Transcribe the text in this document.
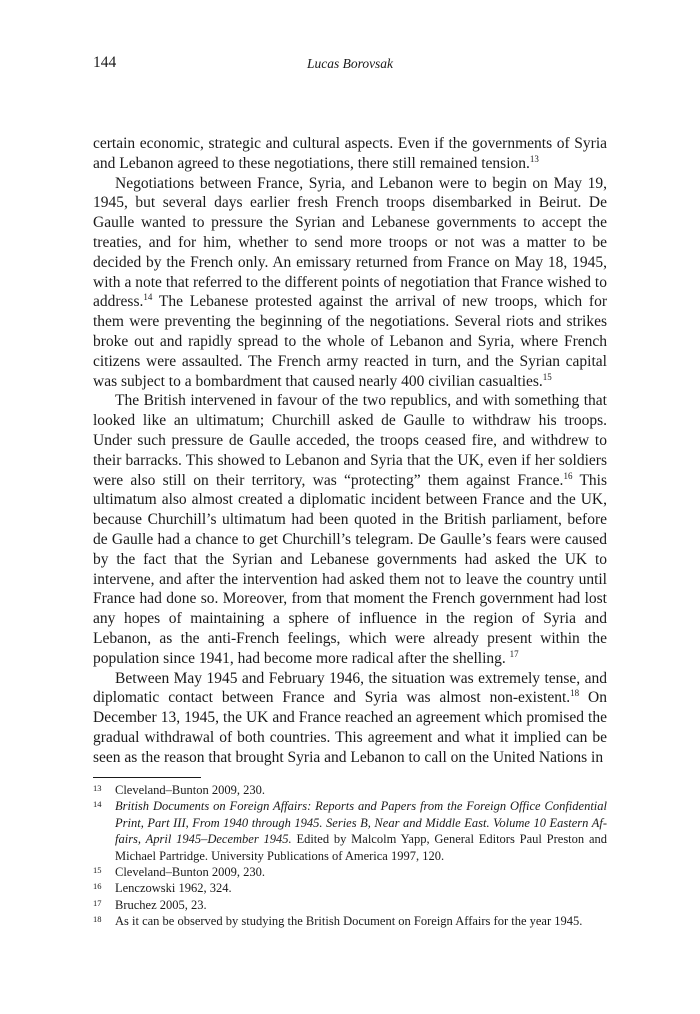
144	Lucas Borovsak

certain economic, strategic and cultural aspects. Even if the governments of Syria and Lebanon agreed to these negotiations, there still remained tension.$^{13}$

Negotiations between France, Syria, and Lebanon were to begin on May 19, 1945, but several days earlier fresh French troops disembarked in Beirut. De Gaulle wanted to pressure the Syrian and Lebanese governments to accept the treaties, and for him, whether to send more troops or not was a matter to be decided by the French only. An emissary returned from France on May 18, 1945, with a note that referred to the different points of negotiation that France wished to address.$^{14}$ The Lebanese protested against the arrival of new troops, which for them were preventing the beginning of the negotiations. Several riots and strikes broke out and rapidly spread to the whole of Lebanon and Syria, where French citizens were assaulted. The French army reacted in turn, and the Syrian capital was subject to a bombardment that caused nearly 400 civilian casualties.$^{15}$

The British intervened in favour of the two republics, and with something that looked like an ultimatum; Churchill asked de Gaulle to withdraw his troops. Under such pressure de Gaulle acceded, the troops ceased fire, and withdrew to their barracks. This showed to Lebanon and Syria that the UK, even if her soldiers were also still on their territory, was “protecting” them against France.$^{16}$ This ultimatum also almost created a diplomatic incident between France and the UK, because Churchill’s ultimatum had been quoted in the British parliament, before de Gaulle had a chance to get Churchill’s telegram. De Gaulle’s fears were caused by the fact that the Syrian and Lebanese governments had asked the UK to intervene, and after the intervention had asked them not to leave the country until France had done so. Moreover, from that moment the French government had lost any hopes of maintaining a sphere of influence in the region of Syria and Lebanon, as the anti-French feelings, which were already present within the population since 1941, had become more radical after the shelling. $^{17}$

Between May 1945 and February 1946, the situation was extremely tense, and diplomatic contact between France and Syria was almost non-existent.$^{18}$ On December 13, 1945, the UK and France reached an agreement which promised the gradual withdrawal of both countries. This agreement and what it implied can be seen as the reason that brought Syria and Lebanon to call on the United Nations in

13	Cleveland–Bunton 2009, 230.
14	British Documents on Foreign Affairs: Reports and Papers from the Foreign Office Confidential Print, Part III, From 1940 through 1945. Series B, Near and Middle East. Volume 10 Eastern Affairs, April 1945–December 1945. Edited by Malcolm Yapp, General Editors Paul Preston and Michael Partridge. University Publications of America 1997, 120.
15	Cleveland–Bunton 2009, 230.
16	Lenczowski 1962, 324.
17	Bruchez 2005, 23.
18	As it can be observed by studying the British Document on Foreign Affairs for the year 1945.
